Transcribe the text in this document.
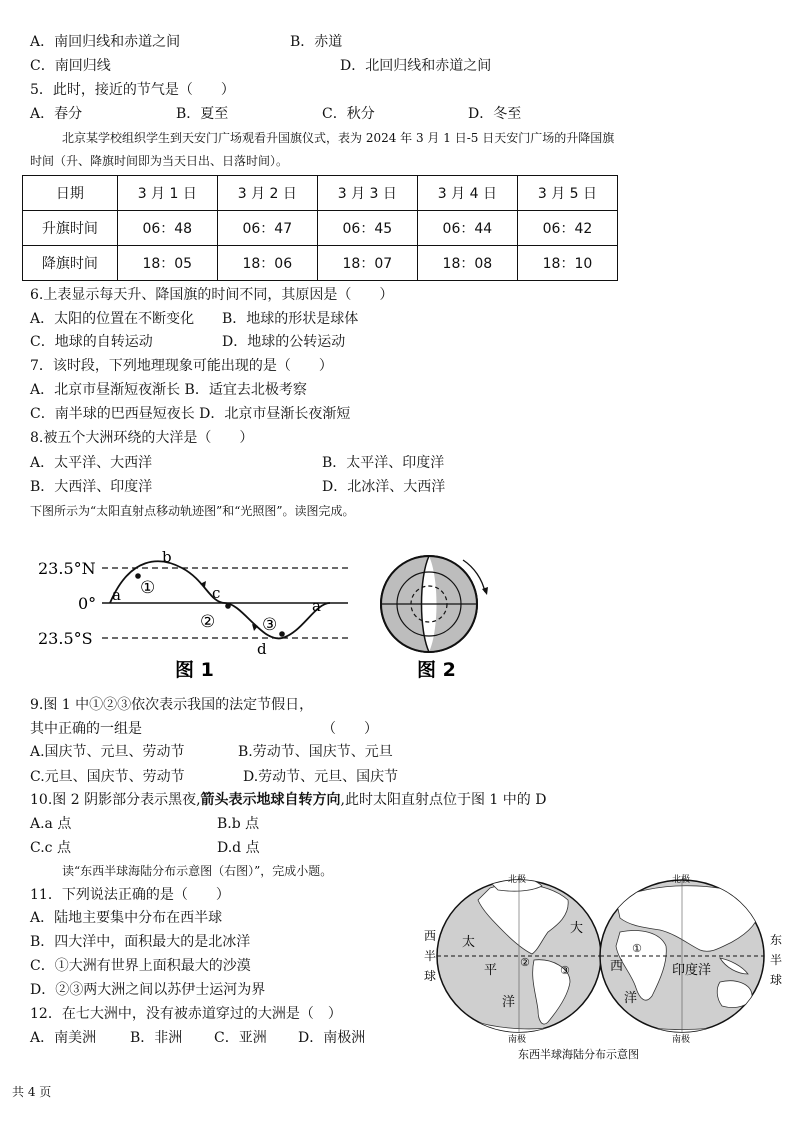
A．南回归线和赤道之间	B．赤道
C．南回归线	D．北回归线和赤道之间
5．此时，接近的节气是（　　）
A．春分	B．夏至	C．秋分	D．冬至
北京某学校组织学生到天安门广场观看升国旗仪式，表为 2024 年 3 月 1 日-5 日天安门广场的升降国旗
时间（升、降旗时间即为当天日出、日落时间）。
日期	3 月 1 日	3 月 2 日	3 月 3 日	3 月 4 日	3 月 5 日
升旗时间	06：48	06：47	06：45	06：44	06：42
降旗时间	18：05	18：06	18：07	18：08	18：10
6.上表显示每天升、降国旗的时间不同，其原因是（　　）
A．太阳的位置在不断变化 B．地球的形状是球体
C．地球的自转运动	D．地球的公转运动
7．该时段，下列地理现象可能出现的是（　　）
A．北京市昼渐短夜渐长 B．适宜去北极考察
C．南半球的巴西昼短夜长 D．北京市昼渐长夜渐短
8.被五个大洲环绕的大洋是（　　）
A．太平洋、大西洋	B．太平洋、印度洋
B．大西洋、印度洋	D．北冰洋、大西洋
下图所示为“太阳直射点移动轨迹图”和“光照图”。读图完成。
23.5°N
0°
23.5°S
a
b
c
d
a
①
②	③
图 1	图 2
9.图 1 中①②③依次表示我国的法定节假日，
其中正确的一组是	（　　）
A.国庆节、元旦、劳动节	B.劳动节、国庆节、元旦
C.元旦、国庆节、劳动节	D.劳动节、元旦、国庆节
10.图 2 阴影部分表示黑夜,箭头表示地球自转方向,此时太阳直射点位于图 1 中的 D
A.a 点	B.b 点
C.c 点	D.d 点
读“东西半球海陆分布示意图（右图）”，完成小题。
11．下列说法正确的是（　　）
A．陆地主要集中分布在西半球
B．四大洋中，面积最大的是北冰洋
C．①大洲有世界上面积最大的沙漠
D．②③两大洲之间以苏伊士运河为界
12．在七大洲中，没有被赤道穿过的大洲是（　）
A．南美洲 B．非洲 C．亚洲 D．南极洲
北极	北极
南极	南极
西
半
球
东
半
球
太
平
洋
大
西
洋
印度洋
①
②
③
东西半球海陆分布示意图
共 4 页
